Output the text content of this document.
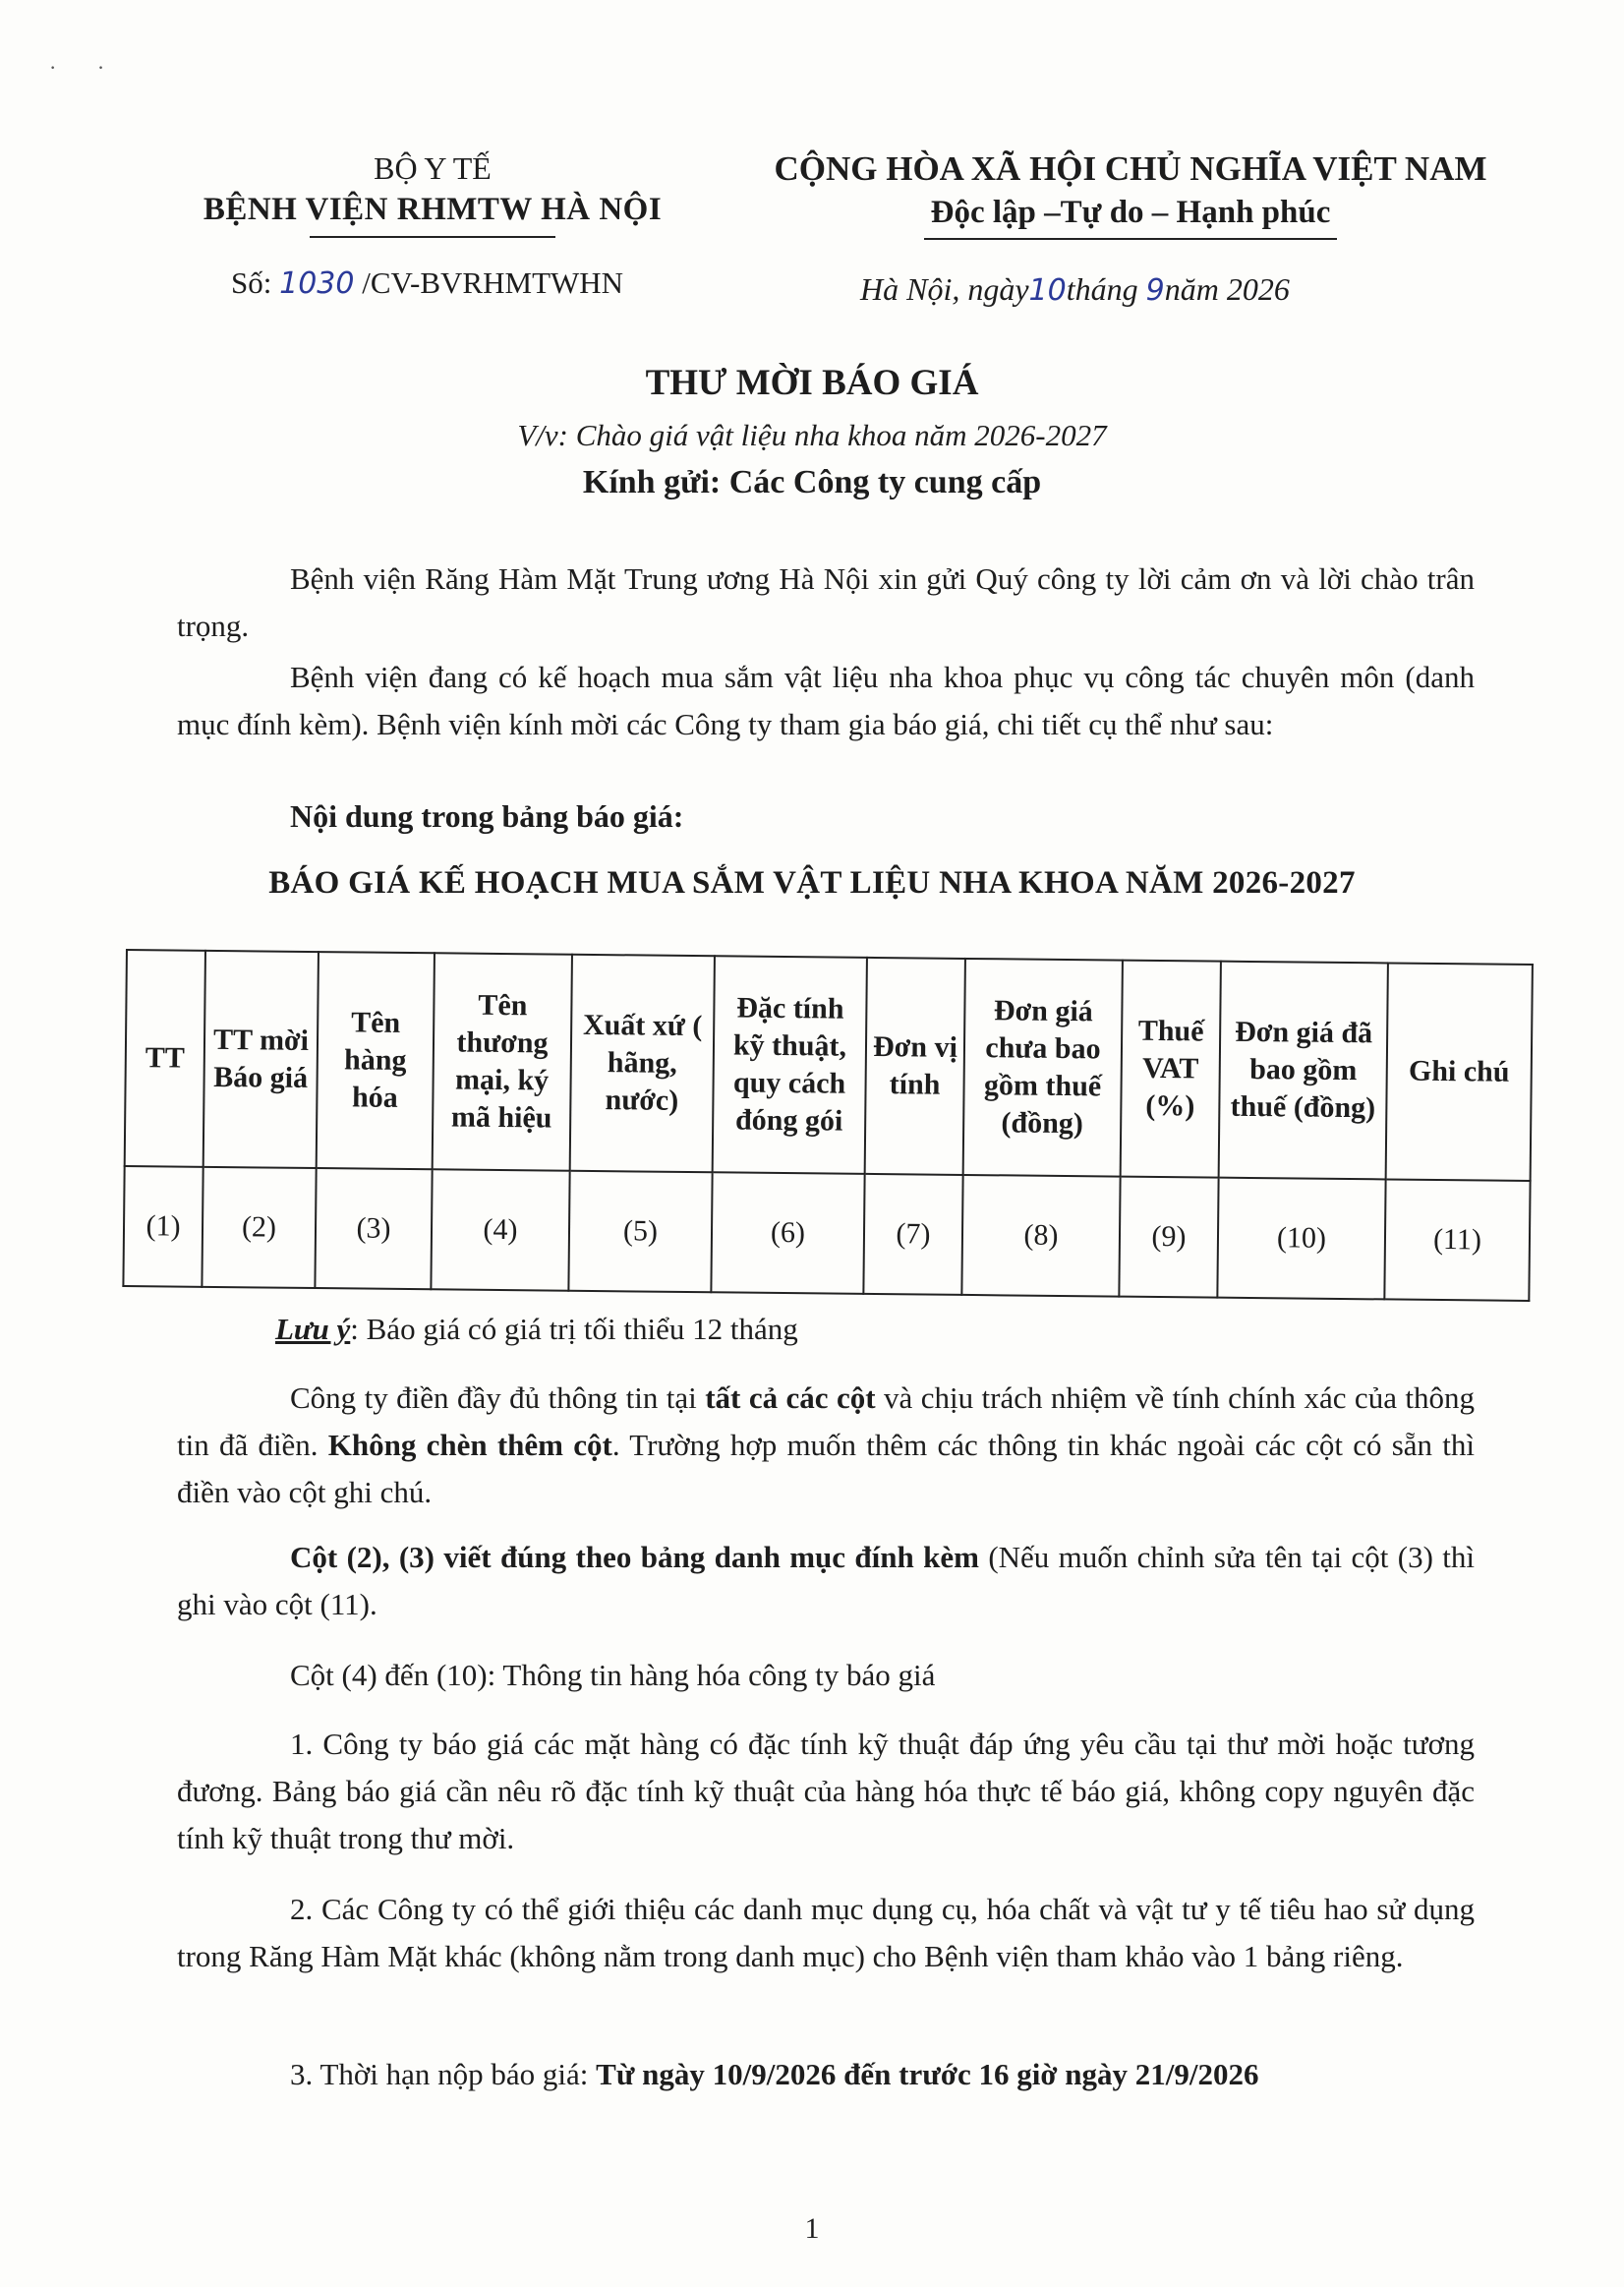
· ·
BỘ Y TẾ
BỆNH VIỆN RHMTW HÀ NỘI
CỘNG HÒA XÃ HỘI CHỦ NGHĨA VIỆT NAM
Độc lập –Tự do – Hạnh phúc
Số: 1030 /CV-BVRHMTWHN	Hà Nội, ngày10tháng 9năm 2026
THƯ MỜI BÁO GIÁ
V/v: Chào giá vật liệu nha khoa năm 2026-2027
Kính gửi: Các Công ty cung cấp
Bệnh viện Răng Hàm Mặt Trung ương Hà Nội xin gửi Quý công ty lời cảm ơn và lời chào trân trọng.
Bệnh viện đang có kế hoạch mua sắm vật liệu nha khoa phục vụ công tác chuyên môn (danh mục đính kèm). Bệnh viện kính mời các Công ty tham gia báo giá, chi tiết cụ thể như sau:
Nội dung trong bảng báo giá:
BÁO GIÁ KẾ HOẠCH MUA SẮM VẬT LIỆU NHA KHOA NĂM 2026-2027
TT	TT mời Báo giá	Tên hàng hóa	Tên thương mại, ký mã hiệu	Xuất xứ ( hãng, nước)	Đặc tính kỹ thuật, quy cách đóng gói	Đơn vị tính	Đơn giá chưa bao gồm thuế (đồng)	Thuế VAT (%)	Đơn giá đã bao gồm thuế (đồng)	Ghi chú
(1)	(2)	(3)	(4)	(5)	(6)	(7)	(8)	(9)	(10)	(11)
Lưu ý: Báo giá có giá trị tối thiểu 12 tháng
Công ty điền đầy đủ thông tin tại tất cả các cột và chịu trách nhiệm về tính chính xác của thông tin đã điền. Không chèn thêm cột. Trường hợp muốn thêm các thông tin khác ngoài các cột có sẵn thì điền vào cột ghi chú.
Cột (2), (3) viết đúng theo bảng danh mục đính kèm (Nếu muốn chỉnh sửa tên tại cột (3) thì ghi vào cột (11).
Cột (4) đến (10): Thông tin hàng hóa công ty báo giá
1. Công ty báo giá các mặt hàng có đặc tính kỹ thuật đáp ứng yêu cầu tại thư mời hoặc tương đương. Bảng báo giá cần nêu rõ đặc tính kỹ thuật của hàng hóa thực tế báo giá, không copy nguyên đặc tính kỹ thuật trong thư mời.
2. Các Công ty có thể giới thiệu các danh mục dụng cụ, hóa chất và vật tư y tế tiêu hao sử dụng trong Răng Hàm Mặt khác (không nằm trong danh mục) cho Bệnh viện tham khảo vào 1 bảng riêng.
3. Thời hạn nộp báo giá: Từ ngày 10/9/2026 đến trước 16 giờ ngày 21/9/2026
1
